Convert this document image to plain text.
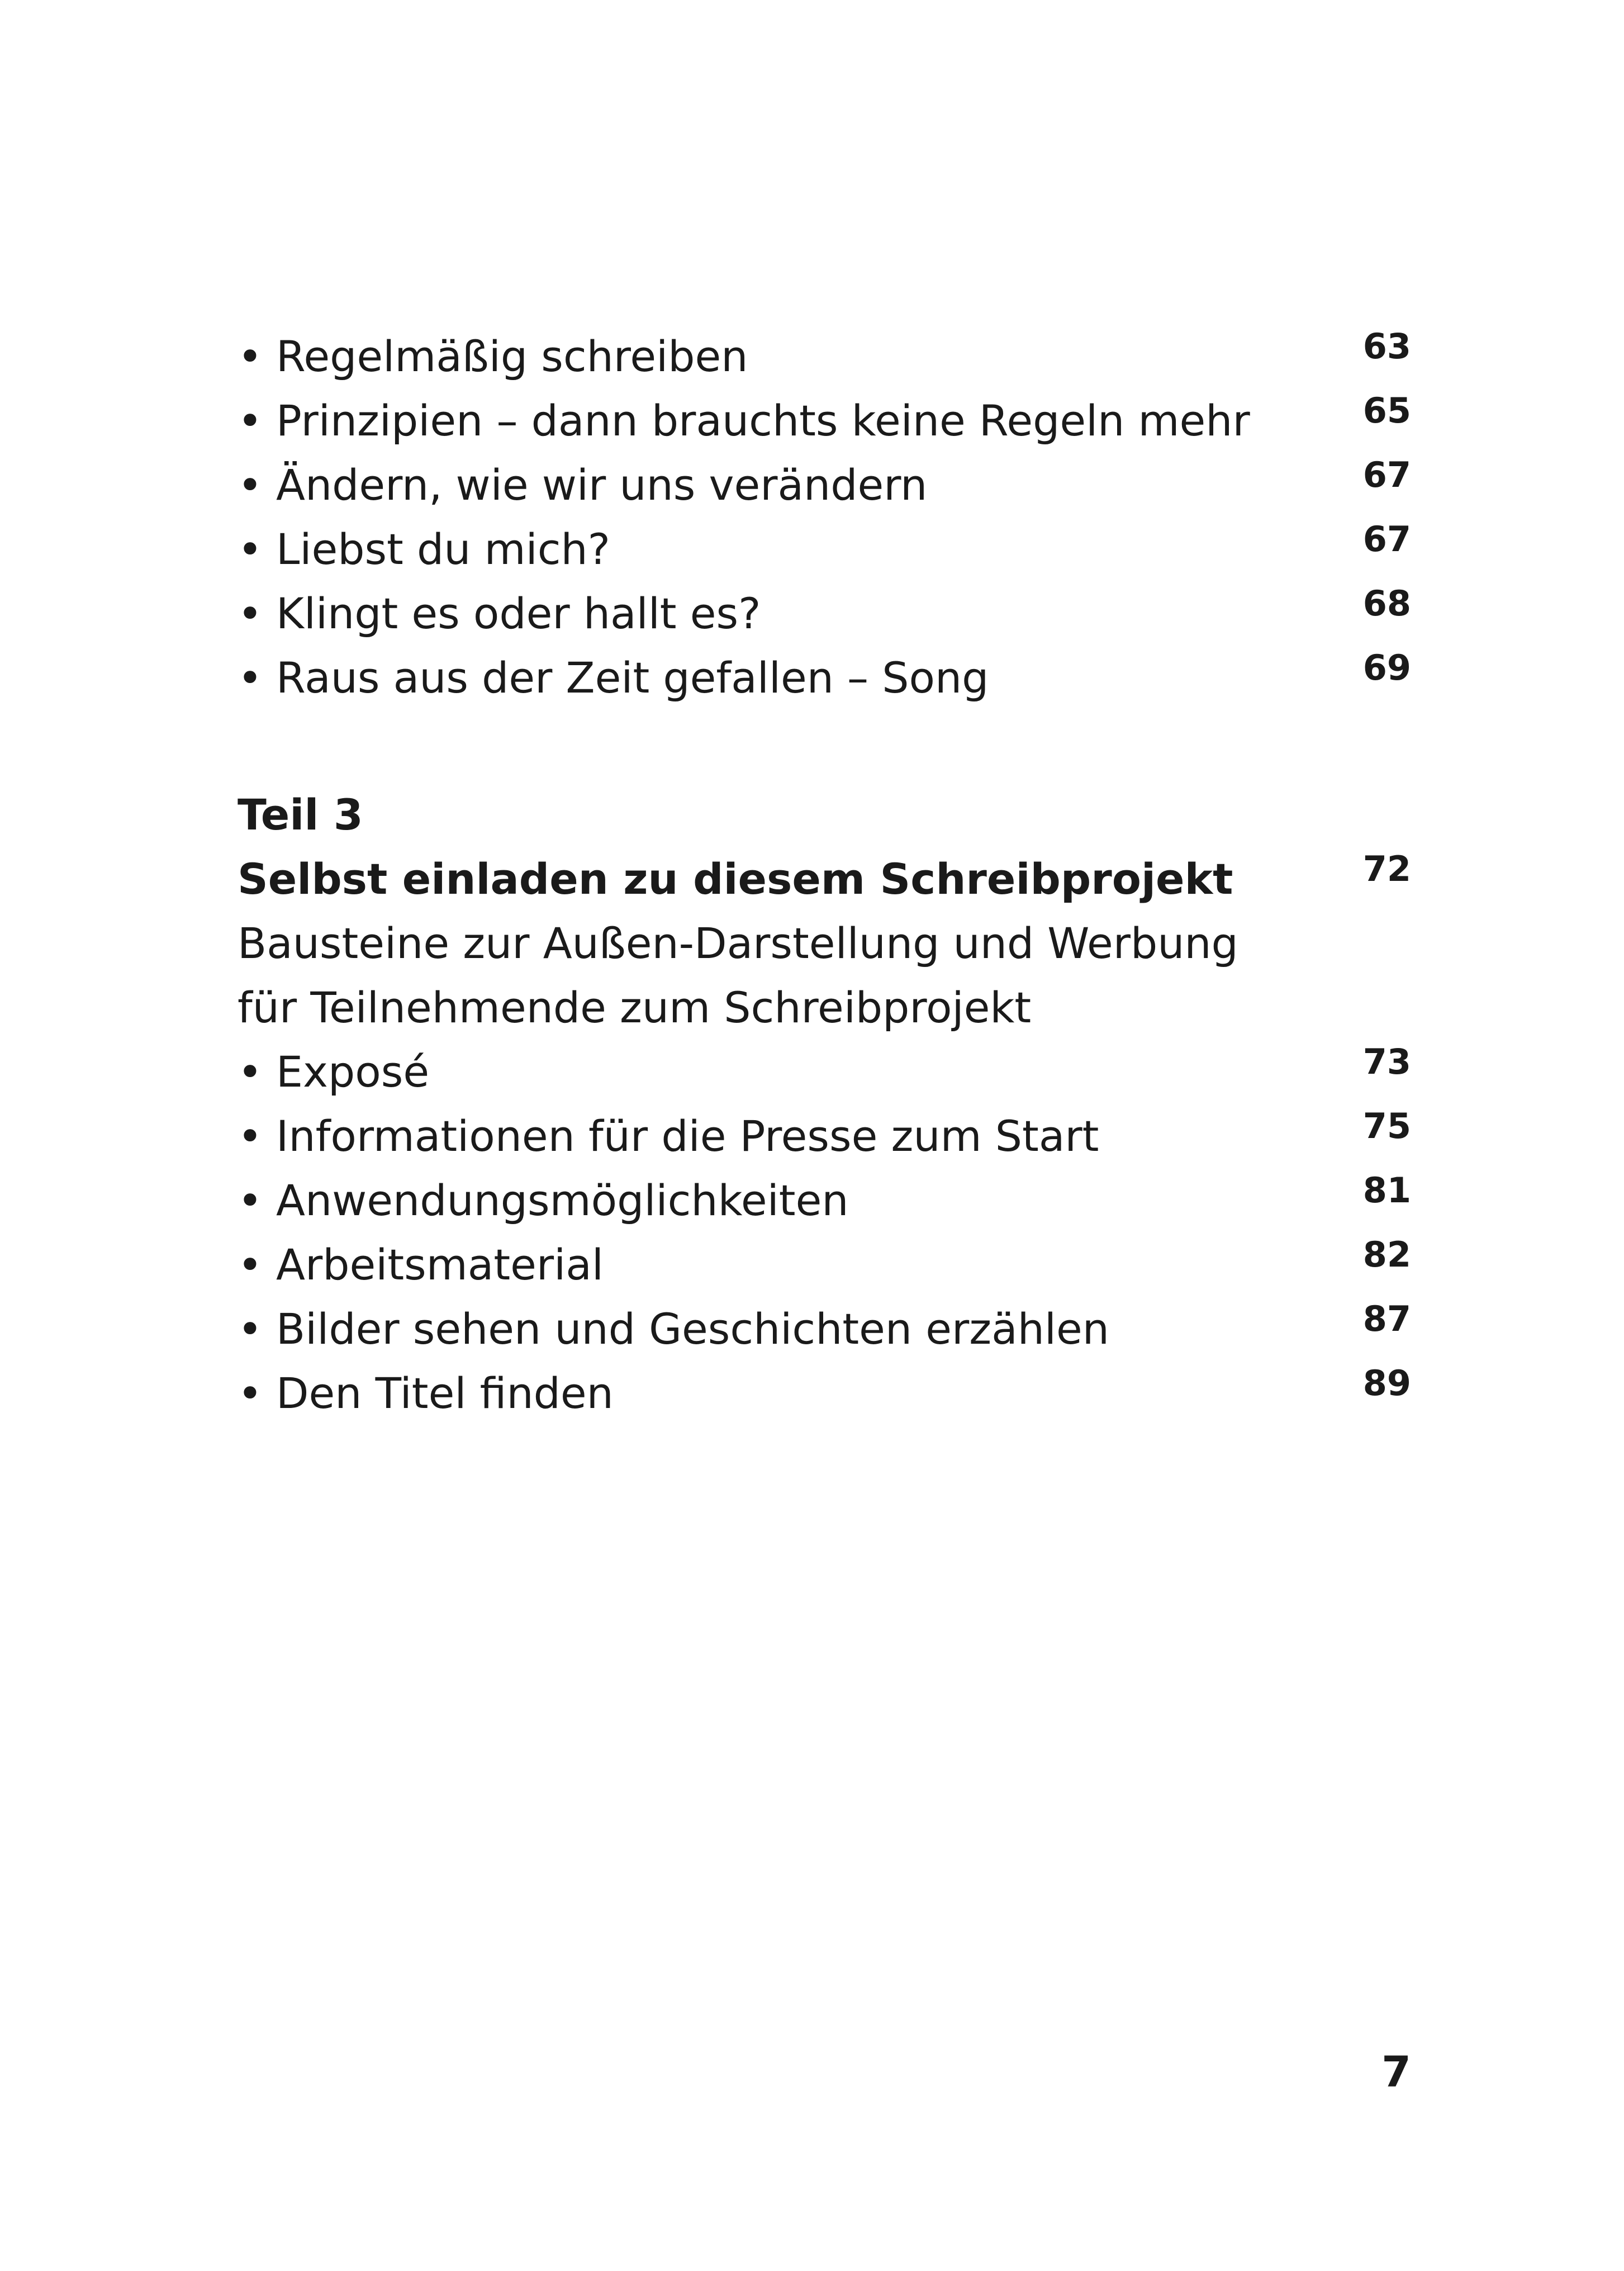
• Regelmäßig schreiben	63
• Prinzipien – dann brauchts keine Regeln mehr	65
• Ändern, wie wir uns verändern	67
• Liebst du mich?	67
• Klingt es oder hallt es?	68
• Raus aus der Zeit gefallen – Song	69
Teil 3
Selbst einladen zu diesem Schreibprojekt	72
Bausteine zur Außen-Darstellung und Werbung
für Teilnehmende zum Schreibprojekt
• Exposé	73
• Informationen für die Presse zum Start	75
• Anwendungsmöglichkeiten	81
• Arbeitsmaterial	82
• Bilder sehen und Geschichten erzählen	87
• Den Titel finden	89
7
